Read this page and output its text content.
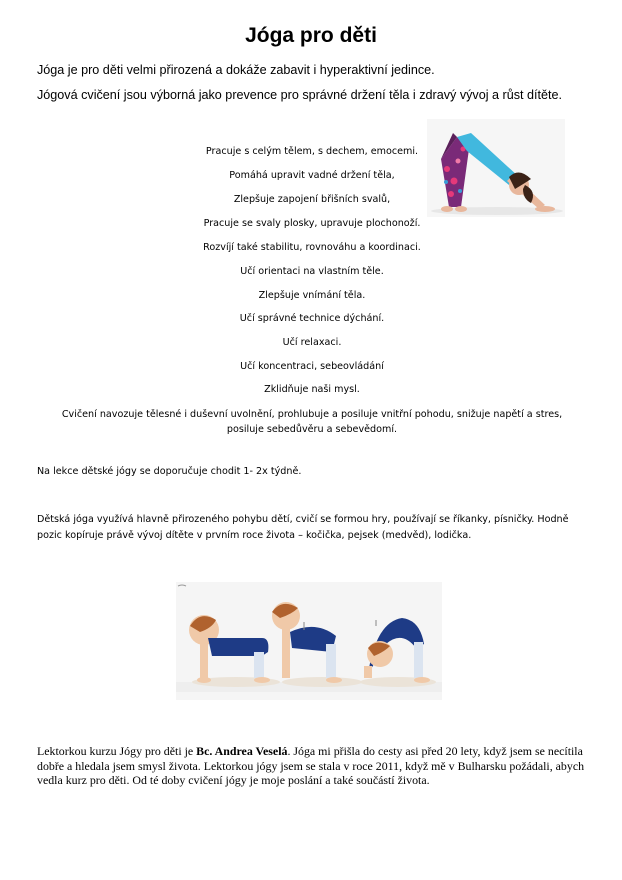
Jóga pro děti
Jóga je pro děti velmi přirozená a dokáže zabavit i hyperaktivní jedince.
Jógová cvičení jsou výborná jako prevence pro správné držení těla i zdravý vývoj a růst dítěte.
Pracuje s celým tělem, s dechem, emocemi.
Pomáhá upravit vadné držení těla,
Zlepšuje zapojení břišních svalů,
Pracuje se svaly plosky, upravuje plochonoží.
Rozvíjí také stabilitu, rovnováhu a koordinaci.
Učí orientaci na vlastním těle.
Zlepšuje vnímání těla.
Učí správné technice dýchání.
Učí relaxaci.
Učí koncentraci, sebeovládání
Zklidňuje naši mysl.
Cvičení navozuje tělesné i duševní uvolnění, prohlubuje a posiluje vnitřní pohodu, snižuje napětí a stres, posiluje sebedůvěru a sebevědomí.
Na lekce dětské jógy se doporučuje chodit 1- 2x týdně.
Dětská jóga využívá hlavně přirozeného pohybu dětí, cvičí se formou hry, používají se říkanky, písničky. Hodně pozic kopíruje právě vývoj dítěte v prvním roce života – kočička, pejsek (medvěd), lodička.
Lektorkou kurzu Jógy pro děti je Bc. Andrea Veselá. Jóga mi přišla do cesty asi před 20 lety, když jsem se necítila dobře a hledala jsem smysl života. Lektorkou jógy jsem se stala v roce 2011, když mě v Bulharsku požádali, abych vedla kurz pro děti. Od té doby cvičení jógy je moje poslání a také součástí života.
